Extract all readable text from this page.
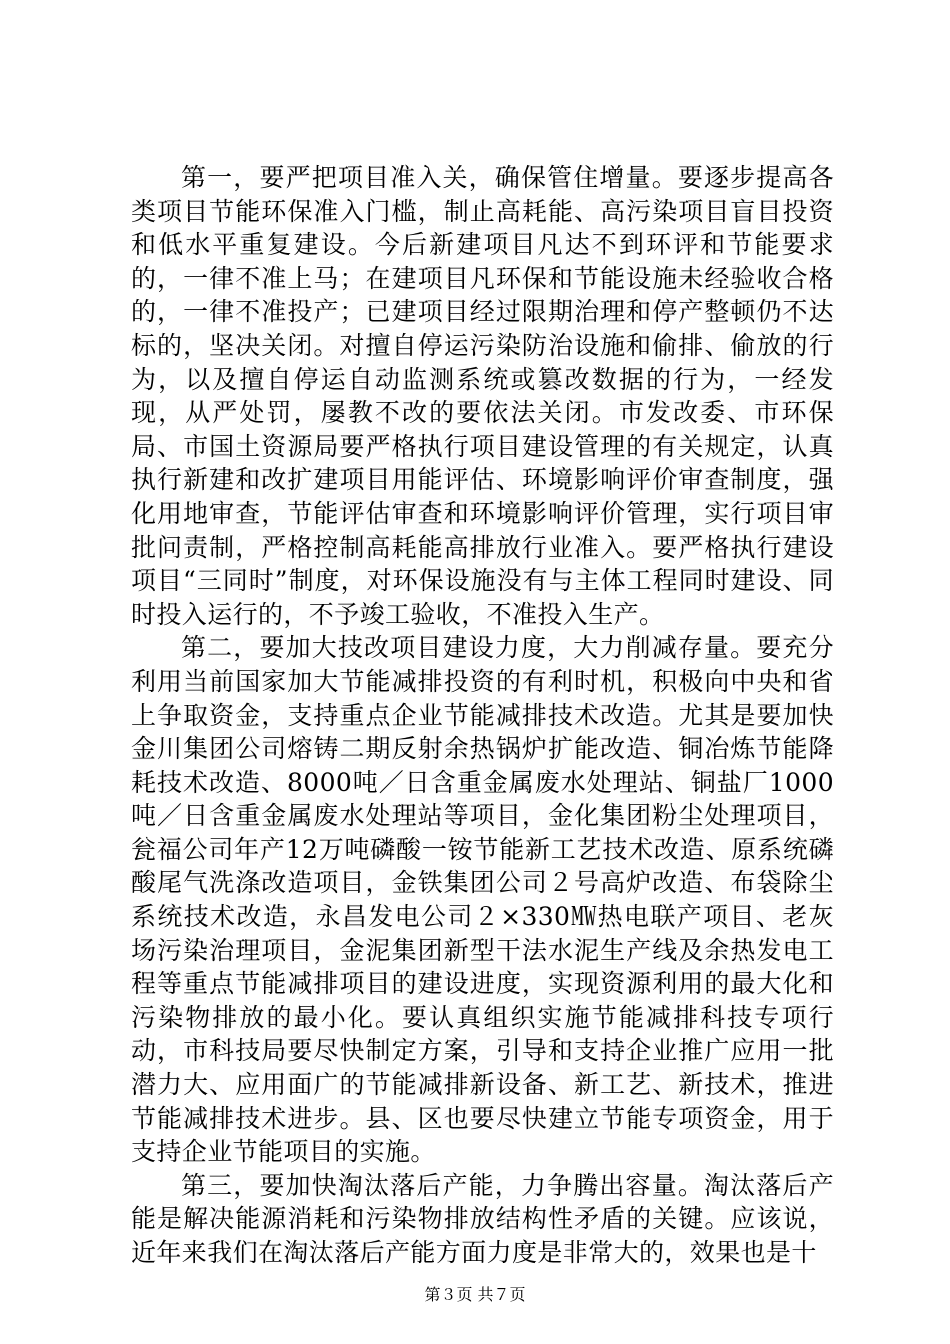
第一，要严把项目准入关，确保管住增量。要逐步提高各类项目节能环保准入门槛，制止高耗能、高污染项目盲目投资和低水平重复建设。今后新建项目凡达不到环评和节能要求的，一律不准上马；在建项目凡环保和节能设施未经验收合格的，一律不准投产；已建项目经过限期治理和停产整顿仍不达标的，坚决关闭。对擅自停运污染防治设施和偷排、偷放的行为，以及擅自停运自动监测系统或篡改数据的行为，一经发现，从严处罚，屡教不改的要依法关闭。市发改委、市环保局、市国土资源局要严格执行项目建设管理的有关规定，认真执行新建和改扩建项目用能评估、环境影响评价审查制度，强化用地审查，节能评估审查和环境影响评价管理，实行项目审批问责制，严格控制高耗能高排放行业准入。要严格执行建设项目“三同时”制度，对环保设施没有与主体工程同时建设、同时投入运行的，不予竣工验收，不准投入生产。

第二，要加大技改项目建设力度，大力削减存量。要充分利用当前国家加大节能减排投资的有利时机，积极向中央和省上争取资金，支持重点企业节能减排技术改造。尤其是要加快金川集团公司熔铸二期反射余热锅炉扩能改造、铜冶炼节能降耗技术改造、8000吨／日含重金属废水处理站、铜盐厂1000吨／日含重金属废水处理站等项目，金化集团粉尘处理项目，瓮福公司年产12万吨磷酸一铵节能新工艺技术改造、原系统磷酸尾气洗涤改造项目，金铁集团公司２号高炉改造、布袋除尘系统技术改造，永昌发电公司２×330㎿热电联产项目、老灰场污染治理项目，金泥集团新型干法水泥生产线及余热发电工程等重点节能减排项目的建设进度，实现资源利用的最大化和污染物排放的最小化。要认真组织实施节能减排科技专项行动，市科技局要尽快制定方案，引导和支持企业推广应用一批潜力大、应用面广的节能减排新设备、新工艺、新技术，推进节能减排技术进步。县、区也要尽快建立节能专项资金，用于支持企业节能项目的实施。

第三，要加快淘汰落后产能，力争腾出容量。淘汰落后产能是解决能源消耗和污染物排放结构性矛盾的关键。应该说，近年来我们在淘汰落后产能方面力度是非常大的，效果也是十

第３页 共７页
